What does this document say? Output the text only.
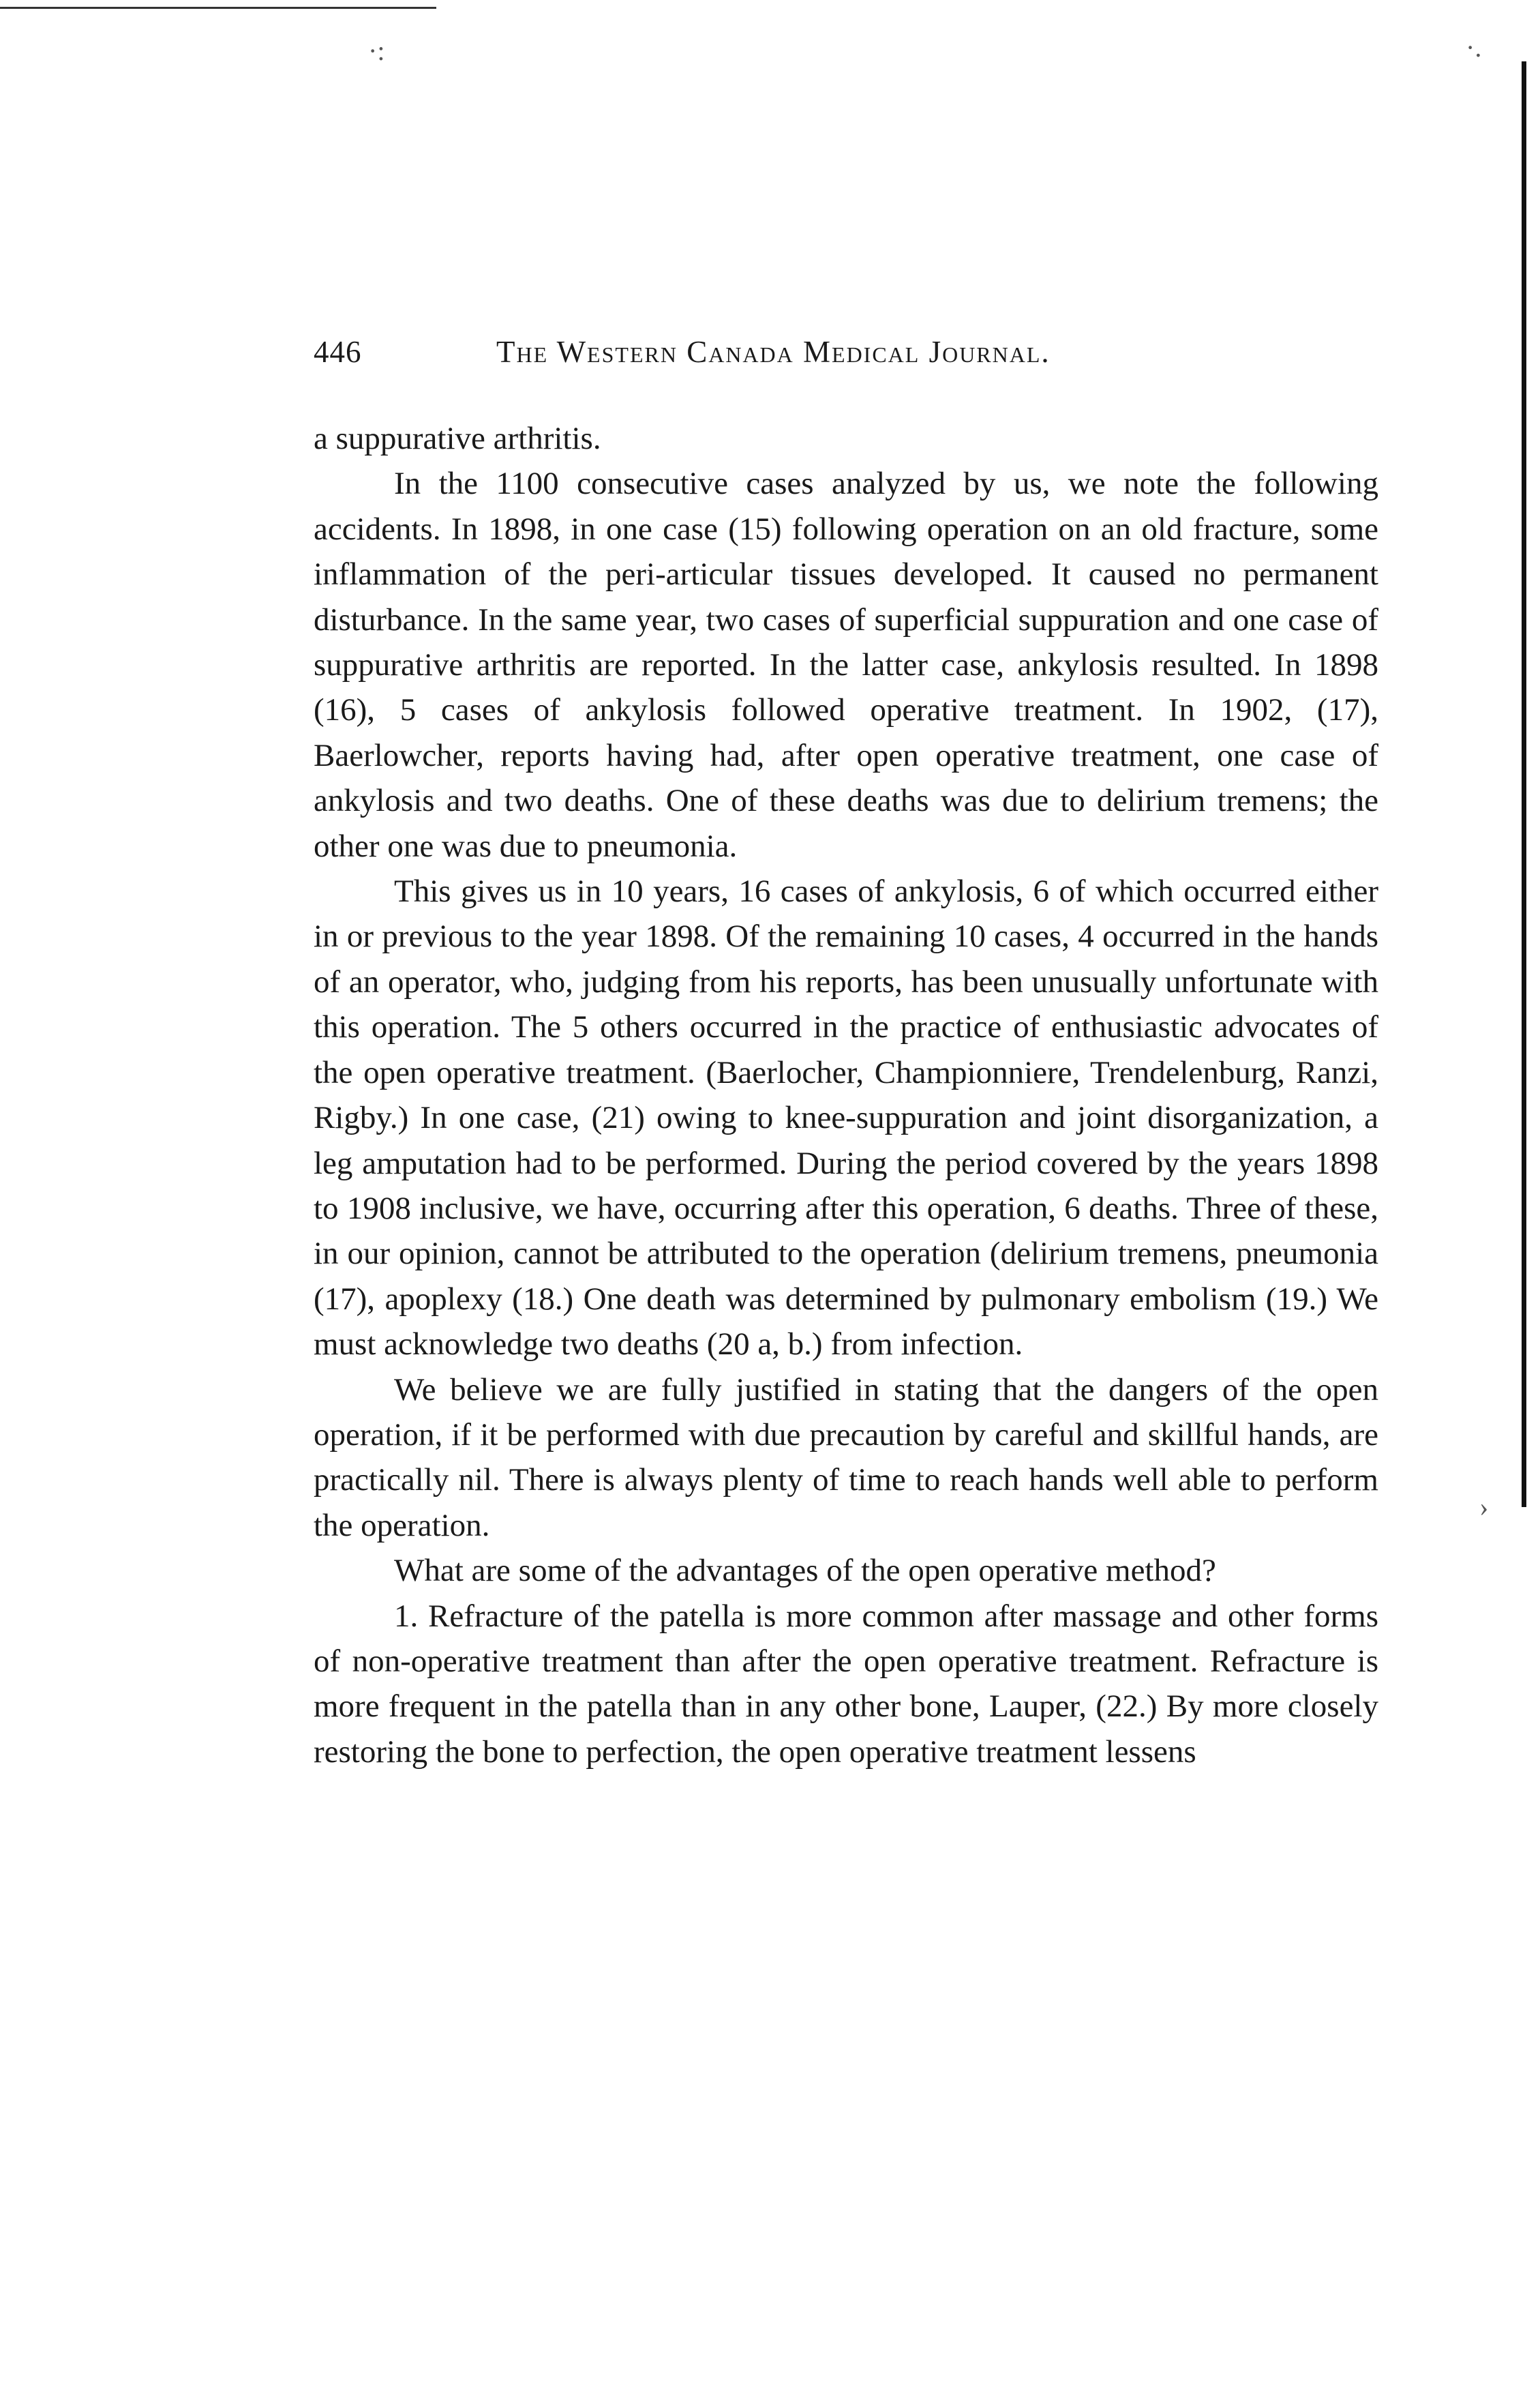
·:	·.
›
446	The Western Canada Medical Journal.

a suppurative arthritis.

In the 1100 consecutive cases analyzed by us, we note the following accidents. In 1898, in one case (15) following operation on an old fracture, some inflammation of the peri-articular tissues developed. It caused no permanent disturbance. In the same year, two cases of superficial suppuration and one case of suppurative arthritis are reported. In the latter case, ankylosis resulted. In 1898 (16), 5 cases of ankylosis followed operative treatment. In 1902, (17), Baerlowcher, reports having had, after open operative treatment, one case of ankylosis and two deaths. One of these deaths was due to delirium tremens; the other one was due to pneumonia.

This gives us in 10 years, 16 cases of ankylosis, 6 of which occurred either in or previous to the year 1898. Of the remaining 10 cases, 4 occurred in the hands of an operator, who, judging from his reports, has been unusually unfortunate with this operation. The 5 others occurred in the practice of enthusiastic advocates of the open operative treatment. (Baerlocher, Championniere, Trendelenburg, Ranzi, Rigby.) In one case, (21) owing to knee-suppuration and joint disorganization, a leg amputation had to be performed. During the period covered by the years 1898 to 1908 inclusive, we have, occurring after this operation, 6 deaths. Three of these, in our opinion, cannot be attributed to the operation (delirium tremens, pneumonia (17), apoplexy (18.) One death was determined by pulmonary embolism (19.) We must acknowledge two deaths (20 a, b.) from infection.

We believe we are fully justified in stating that the dangers of the open operation, if it be performed with due precaution by careful and skillful hands, are practically nil. There is always plenty of time to reach hands well able to perform the operation.

What are some of the advantages of the open operative method?

1. Refracture of the patella is more common after massage and other forms of non-operative treatment than after the open operative treatment. Refracture is more frequent in the patella than in any other bone, Lauper, (22.) By more closely restoring the bone to perfection, the open operative treatment lessens
